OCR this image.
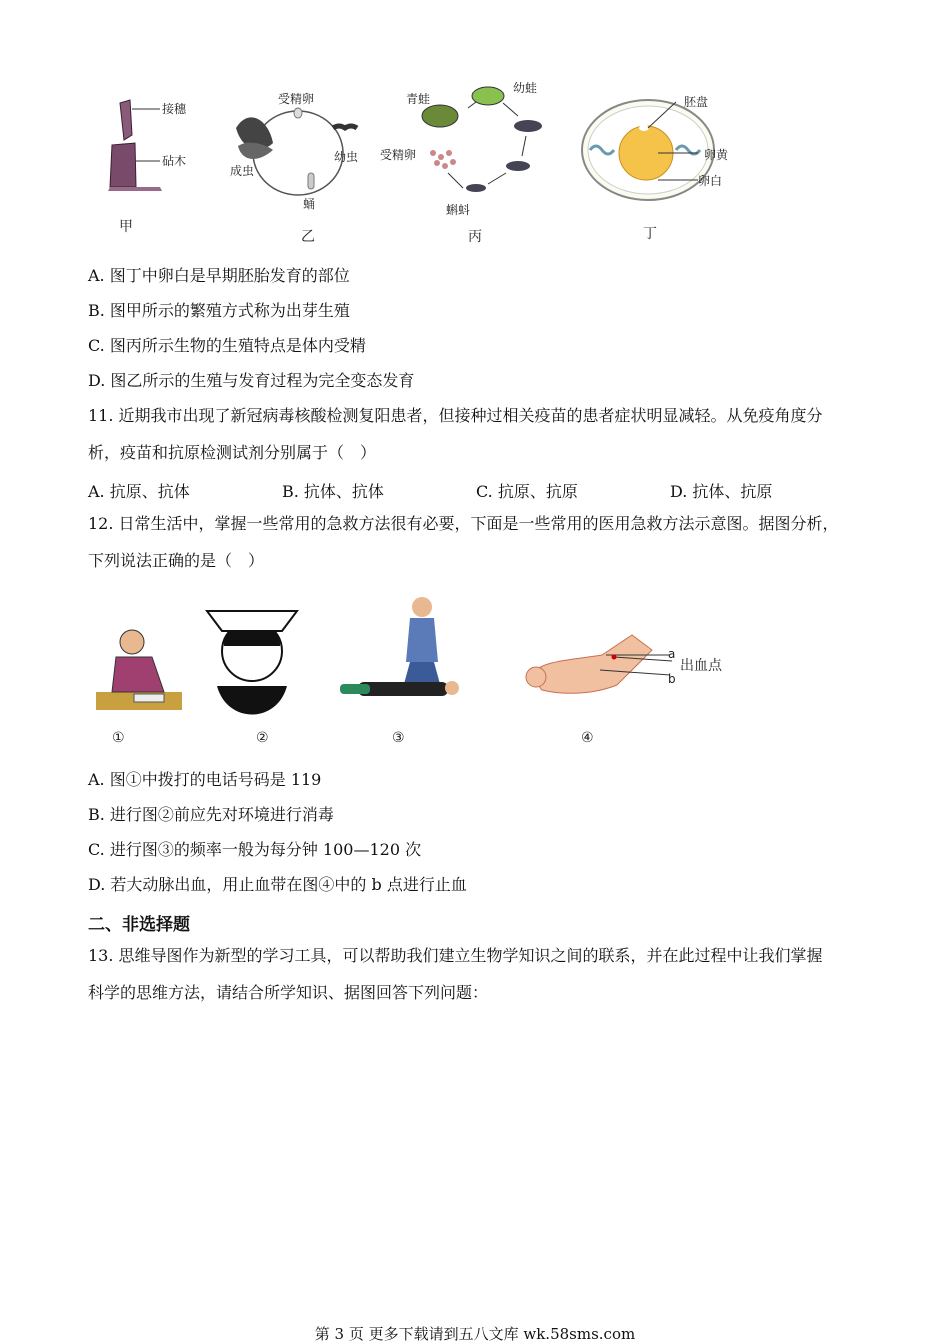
接穗
砧木
甲
受精卵
幼虫
蛹
成虫
乙
青蛙
幼蛙
受精卵
蝌蚪
丙
胚盘
卵黄
卵白
丁
A. 图丁中卵白是早期胚胎发育的部位
B. 图甲所示的繁殖方式称为出芽生殖
C. 图丙所示生物的生殖特点是体内受精
D. 图乙所示的生殖与发育过程为完全变态发育
11. 近期我市出现了新冠病毒核酸检测复阳患者，但接种过相关疫苗的患者症状明显减轻。从免疫角度分
析，疫苗和抗原检测试剂分别属于（　）
A. 抗原、抗体	B. 抗体、抗体	C. 抗原、抗原	D. 抗体、抗原
12. 日常生活中，掌握一些常用的急救方法很有必要，下面是一些常用的医用急救方法示意图。据图分析，
下列说法正确的是（　）
a
b
出血点
①	②	③	④
A. 图①中拨打的电话号码是 119
B. 进行图②前应先对环境进行消毒
C. 进行图③的频率一般为每分钟 100—120 次
D. 若大动脉出血，用止血带在图④中的 b 点进行止血
二、非选择题
13. 思维导图作为新型的学习工具，可以帮助我们建立生物学知识之间的联系，并在此过程中让我们掌握
科学的思维方法，请结合所学知识、据图回答下列问题：
第 3 页 更多下载请到五八文库 wk.58sms.com
